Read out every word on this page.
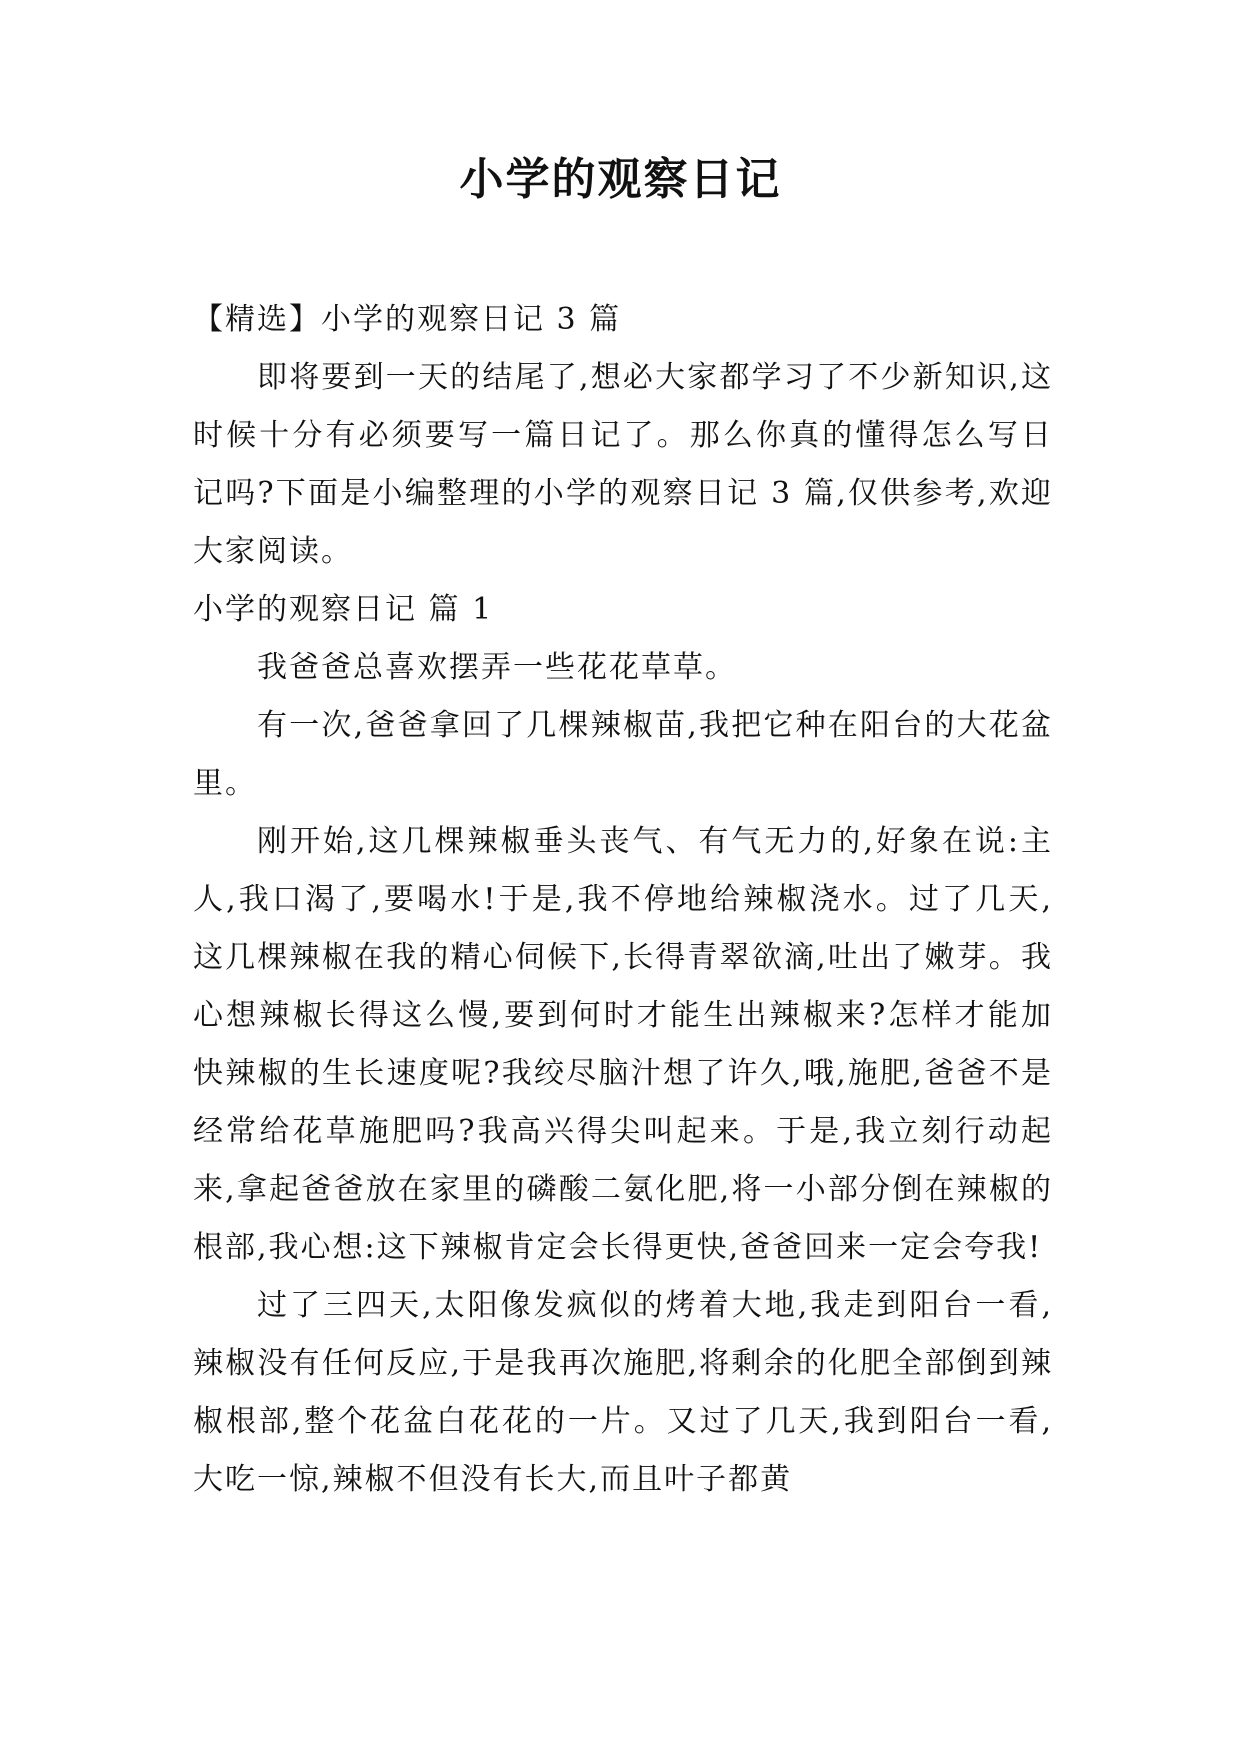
小学的观察日记

【精选】小学的观察日记 3 篇

即将要到一天的结尾了,想必大家都学习了不少新知识,这时候十分有必须要写一篇日记了。那么你真的懂得怎么写日记吗?下面是小编整理的小学的观察日记 3 篇,仅供参考,欢迎大家阅读。

小学的观察日记 篇 1

我爸爸总喜欢摆弄一些花花草草。

有一次,爸爸拿回了几棵辣椒苗,我把它种在阳台的大花盆里。

刚开始,这几棵辣椒垂头丧气、有气无力的,好象在说:主人,我口渴了,要喝水!于是,我不停地给辣椒浇水。过了几天,这几棵辣椒在我的精心伺候下,长得青翠欲滴,吐出了嫩芽。我心想辣椒长得这么慢,要到何时才能生出辣椒来?怎样才能加快辣椒的生长速度呢?我绞尽脑汁想了许久,哦,施肥,爸爸不是经常给花草施肥吗?我高兴得尖叫起来。于是,我立刻行动起来,拿起爸爸放在家里的磷酸二氨化肥,将一小部分倒在辣椒的根部,我心想:这下辣椒肯定会长得更快,爸爸回来一定会夸我!

过了三四天,太阳像发疯似的烤着大地,我走到阳台一看,辣椒没有任何反应,于是我再次施肥,将剩余的化肥全部倒到辣椒根部,整个花盆白花花的一片。又过了几天,我到阳台一看,大吃一惊,辣椒不但没有长大,而且叶子都黄
